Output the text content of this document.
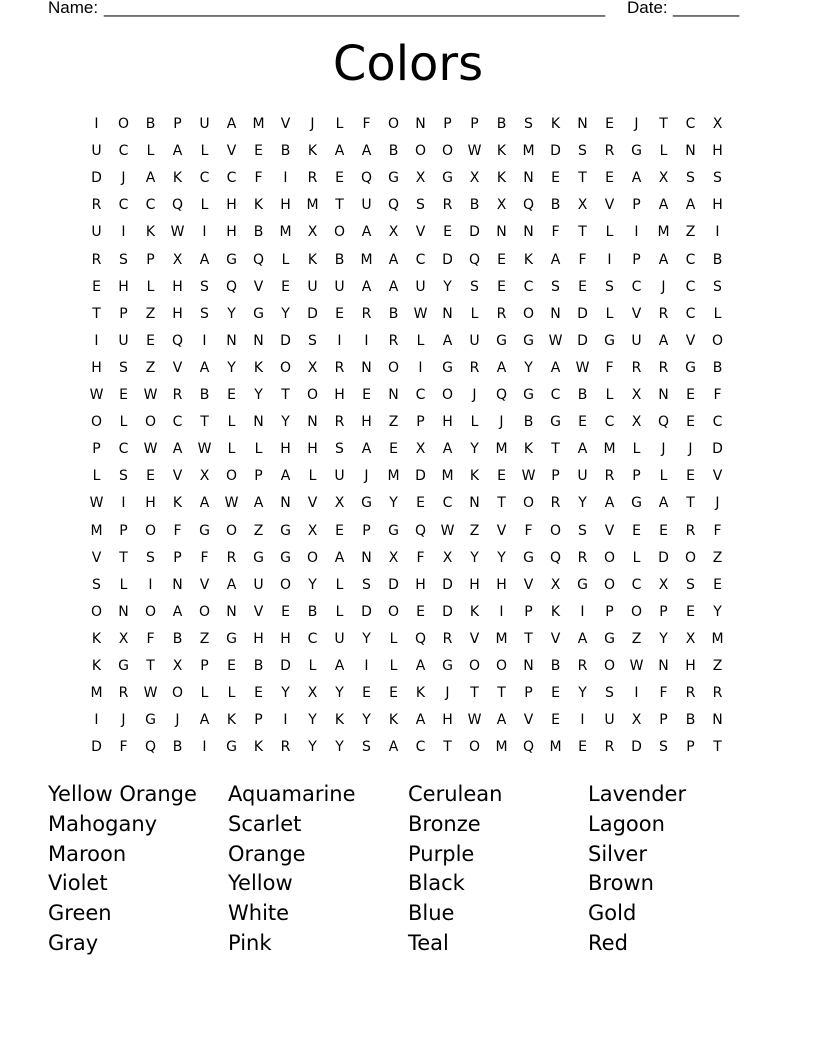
Name: _____________________________________________________ Date: _______
Colors
I	O	B	P	U	A	M	V	J	L	F	O	N	P	P	B	S	K	N	E	J	T	C	X
U	C	L	A	L	V	E	B	K	A	A	B	O	O	W	K	M	D	S	R	G	L	N	H
D	J	A	K	C	C	F	I	R	E	Q	G	X	G	X	K	N	E	T	E	A	X	S	S
R	C	C	Q	L	H	K	H	M	T	U	Q	S	R	B	X	Q	B	X	V	P	A	A	H
U	I	K	W	I	H	B	M	X	O	A	X	V	E	D	N	N	F	T	L	I	M	Z	I
R	S	P	X	A	G	Q	L	K	B	M	A	C	D	Q	E	K	A	F	I	P	A	C	B
E	H	L	H	S	Q	V	E	U	U	A	A	U	Y	S	E	C	S	E	S	C	J	C	S
T	P	Z	H	S	Y	G	Y	D	E	R	B	W	N	L	R	O	N	D	L	V	R	C	L
I	U	E	Q	I	N	N	D	S	I	I	R	L	A	U	G	G	W	D	G	U	A	V	O
H	S	Z	V	A	Y	K	O	X	R	N	O	I	G	R	A	Y	A	W	F	R	R	G	B
W	E	W	R	B	E	Y	T	O	H	E	N	C	O	J	Q	G	C	B	L	X	N	E	F
O	L	O	C	T	L	N	Y	N	R	H	Z	P	H	L	J	B	G	E	C	X	Q	E	C
P	C	W	A	W	L	L	H	H	S	A	E	X	A	Y	M	K	T	A	M	L	J	J	D
L	S	E	V	X	O	P	A	L	U	J	M	D	M	K	E	W	P	U	R	P	L	E	V
W	I	H	K	A	W	A	N	V	X	G	Y	E	C	N	T	O	R	Y	A	G	A	T	J
M	P	O	F	G	O	Z	G	X	E	P	G	Q	W	Z	V	F	O	S	V	E	E	R	F
V	T	S	P	F	R	G	G	O	A	N	X	F	X	Y	Y	G	Q	R	O	L	D	O	Z
S	L	I	N	V	A	U	O	Y	L	S	D	H	D	H	H	V	X	G	O	C	X	S	E
O	N	O	A	O	N	V	E	B	L	D	O	E	D	K	I	P	K	I	P	O	P	E	Y
K	X	F	B	Z	G	H	H	C	U	Y	L	Q	R	V	M	T	V	A	G	Z	Y	X	M
K	G	T	X	P	E	B	D	L	A	I	L	A	G	O	O	N	B	R	O	W	N	H	Z
M	R	W	O	L	L	E	Y	X	Y	E	E	K	J	T	T	P	E	Y	S	I	F	R	R
I	J	G	J	A	K	P	I	Y	K	Y	K	A	H	W	A	V	E	I	U	X	P	B	N
D	F	Q	B	I	G	K	R	Y	Y	S	A	C	T	O	M	Q	M	E	R	D	S	P	T
Yellow Orange	Aquamarine	Cerulean	Lavender
Mahogany	Scarlet	Bronze	Lagoon
Maroon	Orange	Purple	Silver
Violet	Yellow	Black	Brown
Green	White	Blue	Gold
Gray	Pink	Teal	Red
